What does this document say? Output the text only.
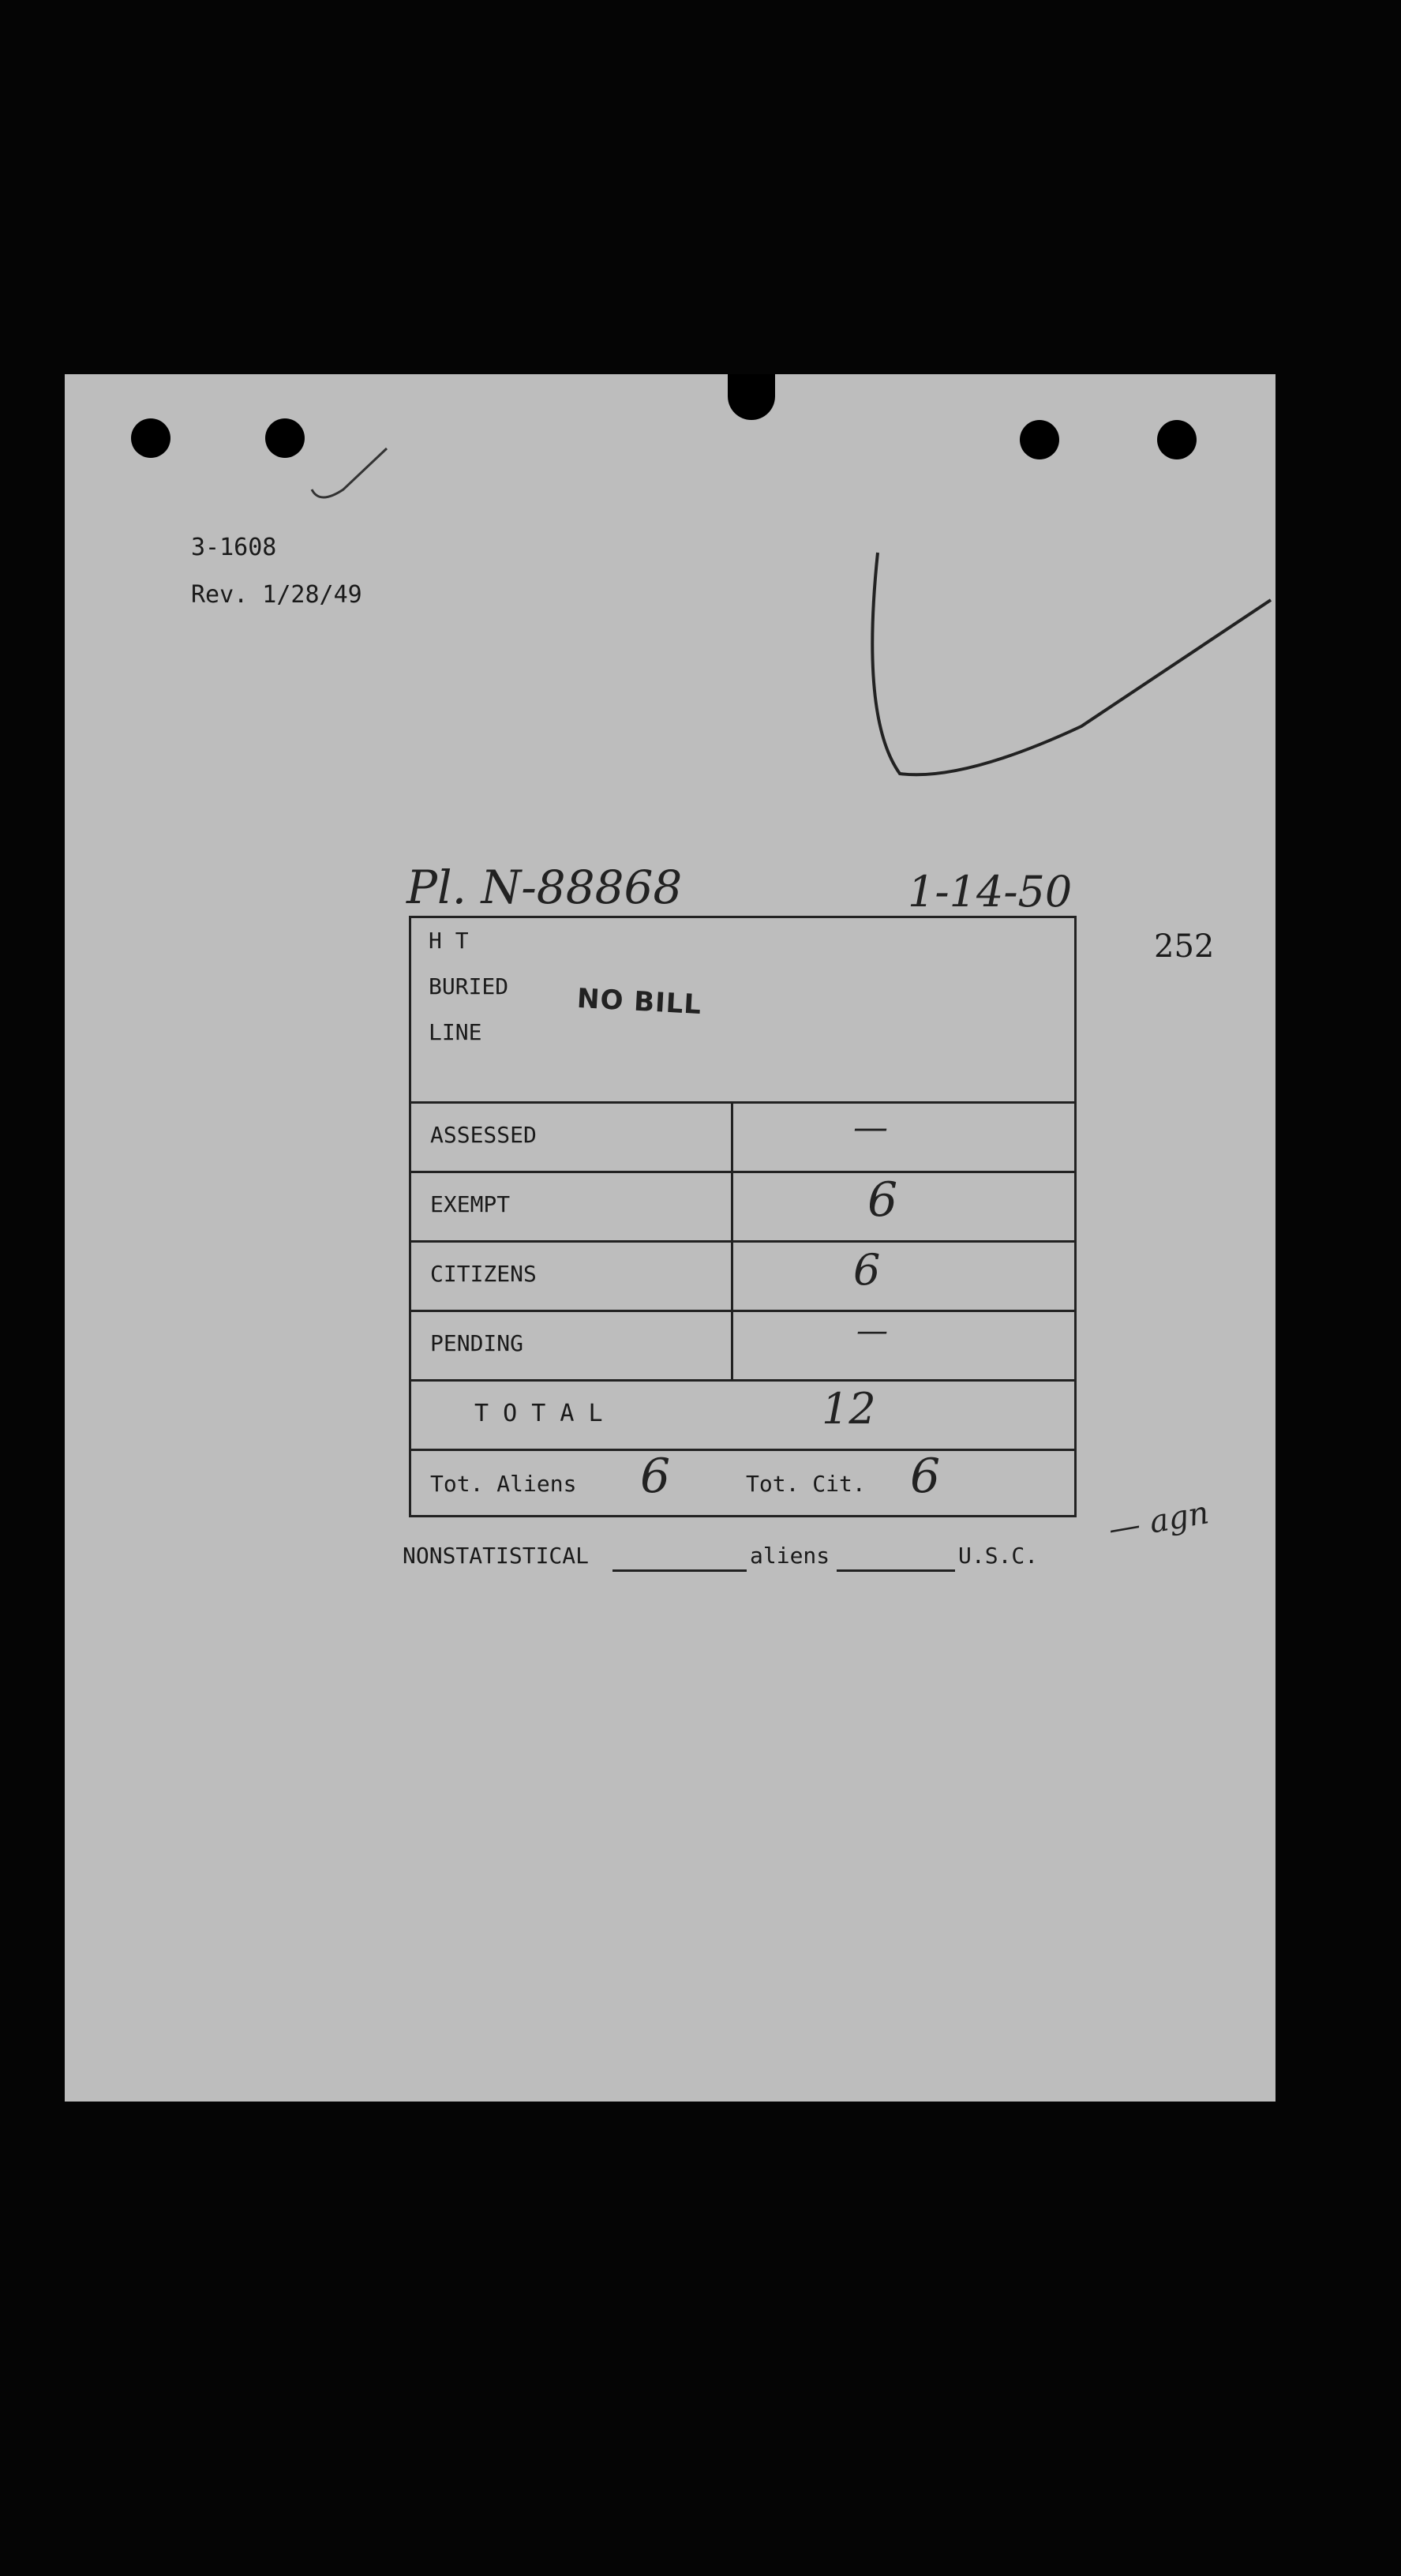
3-1608
Rev. 1/28/49
Pl. N-88868	1-14-50
252
H T
BURIED
LINE
NO BILL
ASSESSED	—
EXEMPT	6
CITIZENS	6
PENDING	—
T O T A L	12
Tot. Aliens 6	Tot. Cit. 6
NONSTATISTICAL	aliens	U.S.C.
— agn
